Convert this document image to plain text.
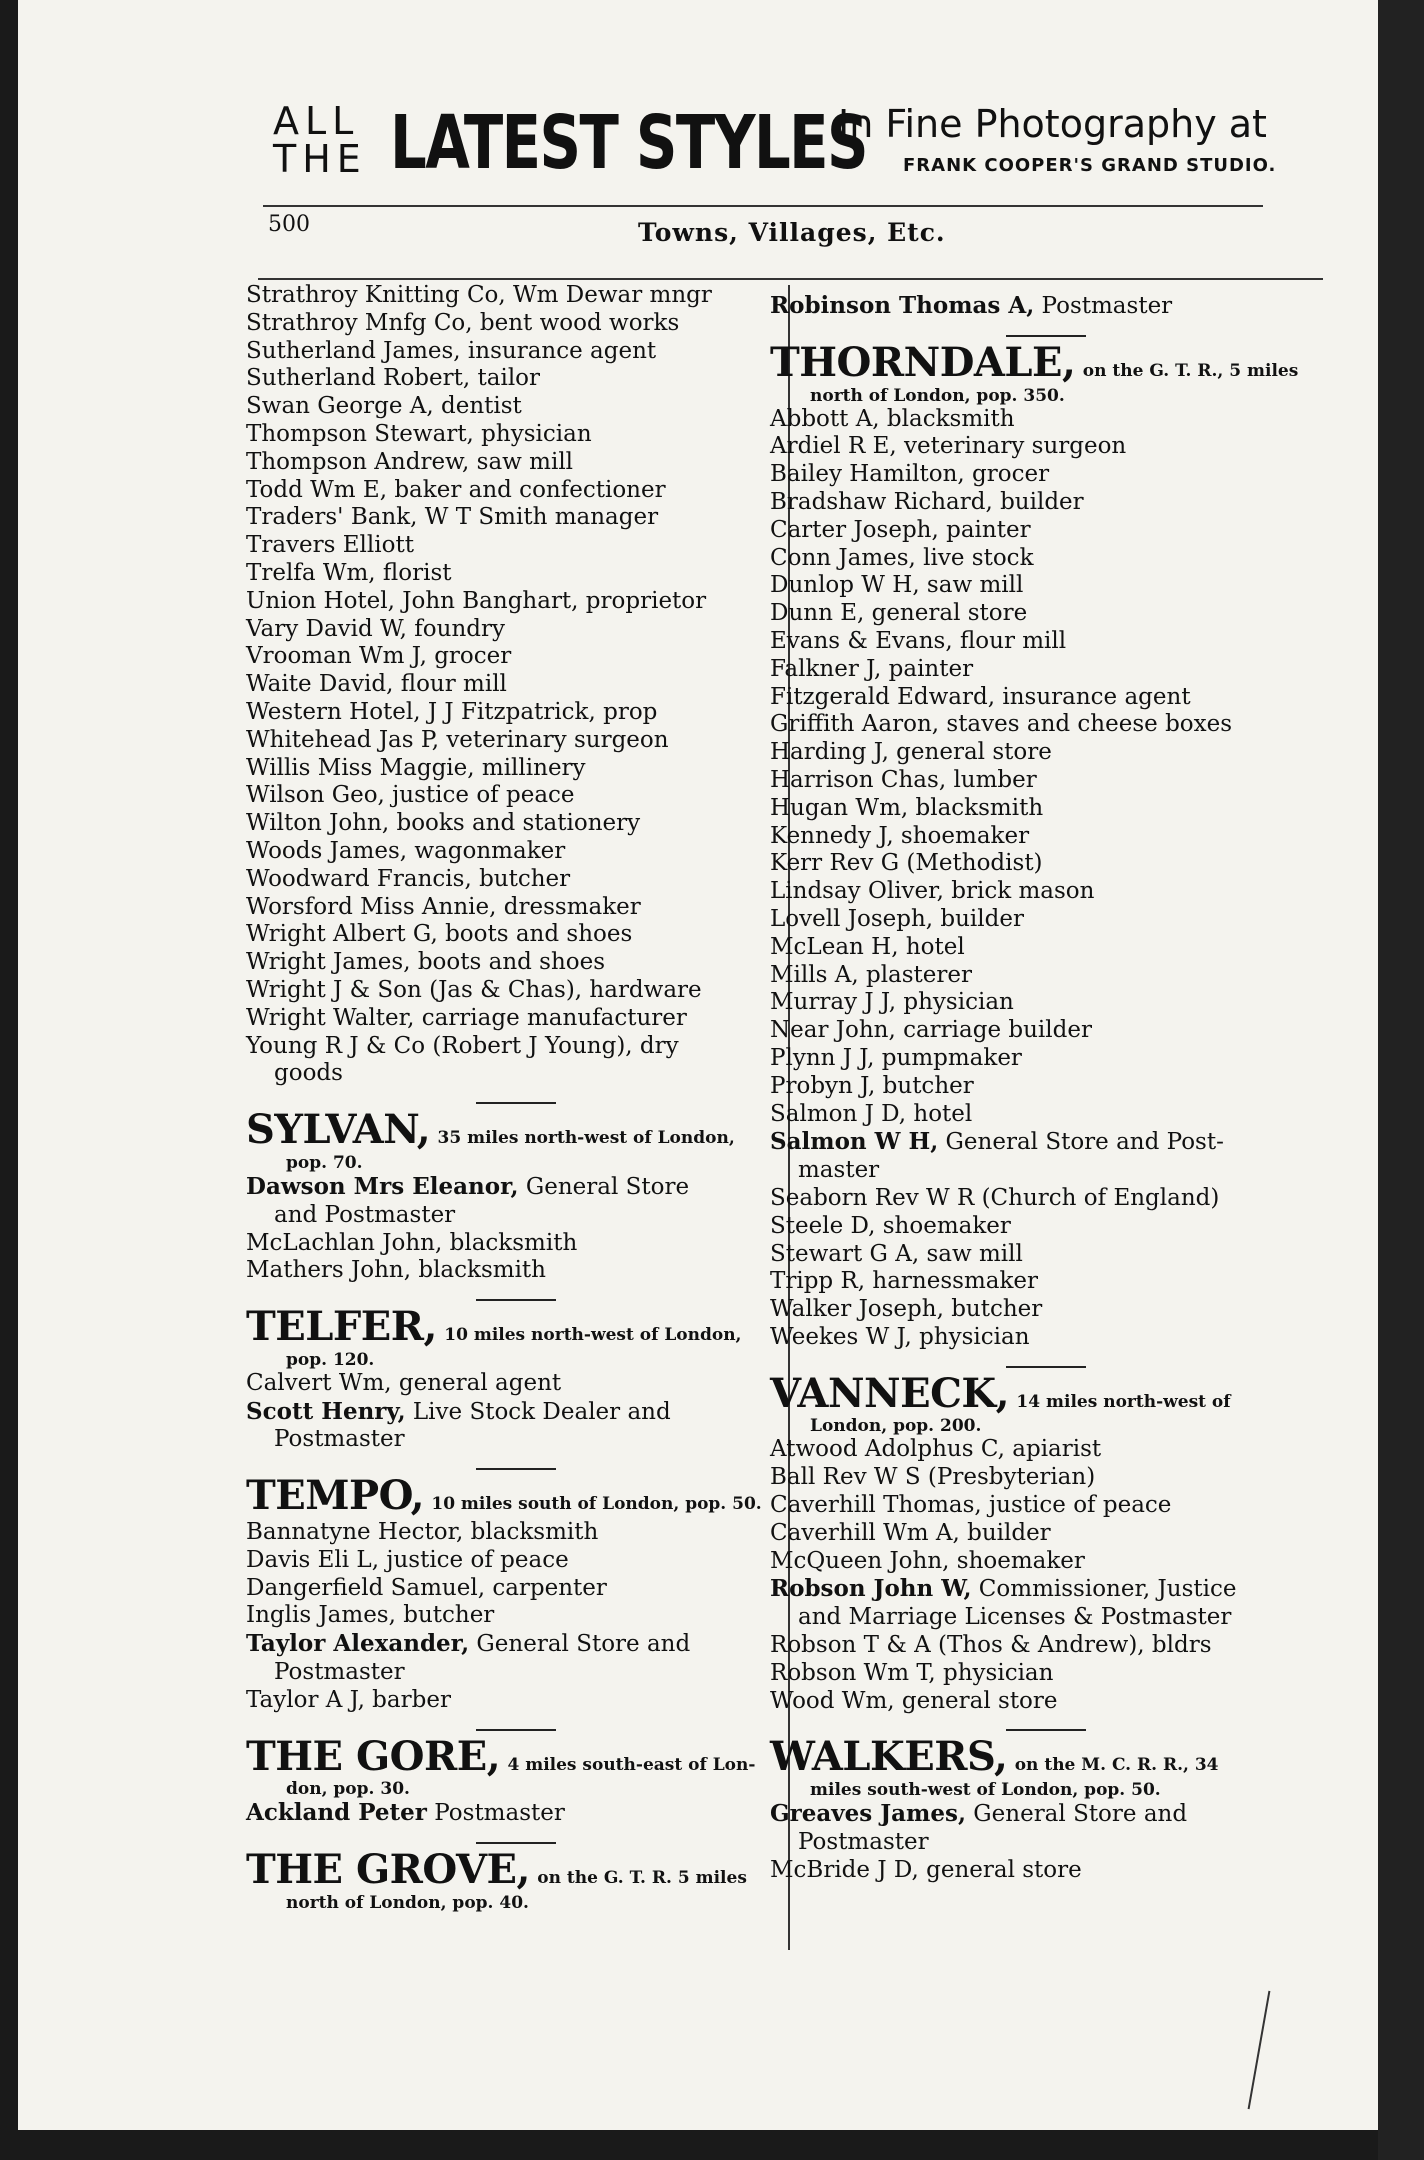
ALL
THE LATEST STYLES
In Fine Photography at
FRANK COOPER'S GRAND STUDIO.
500	Towns, Villages, Etc.
Strathroy Knitting Co, Wm Dewar mngr
Strathroy Mnfg Co, bent wood works
Sutherland James, insurance agent
Sutherland Robert, tailor
Swan George A, dentist
Thompson Stewart, physician
Thompson Andrew, saw mill
Todd Wm E, baker and confectioner
Traders' Bank, W T Smith manager
Travers Elliott
Trelfa Wm, florist
Union Hotel, John Banghart, proprietor
Vary David W, foundry
Vrooman Wm J, grocer
Waite David, flour mill
Western Hotel, J J Fitzpatrick, prop
Whitehead Jas P, veterinary surgeon
Willis Miss Maggie, millinery
Wilson Geo, justice of peace
Wilton John, books and stationery
Woods James, wagonmaker
Woodward Francis, butcher
Worsford Miss Annie, dressmaker
Wright Albert G, boots and shoes
Wright James, boots and shoes
Wright J & Son (Jas & Chas), hardware
Wright Walter, carriage manufacturer
Young R J & Co (Robert J Young), dry
goods
SYLVAN, 35 miles north-west of London,
pop. 70.
Dawson Mrs Eleanor, General Store
and Postmaster
McLachlan John, blacksmith
Mathers John, blacksmith
TELFER, 10 miles north-west of London,
pop. 120.
Calvert Wm, general agent
Scott Henry, Live Stock Dealer and
Postmaster
TEMPO, 10 miles south of London, pop. 50.
Bannatyne Hector, blacksmith
Davis Eli L, justice of peace
Dangerfield Samuel, carpenter
Inglis James, butcher
Taylor Alexander, General Store and
Postmaster
Taylor A J, barber
THE GORE, 4 miles south-east of Lon-
don, pop. 30.
Ackland Peter Postmaster
THE GROVE, on the G. T. R. 5 miles
north of London, pop. 40.
Robinson Thomas A, Postmaster
THORNDALE, on the G. T. R., 5 miles
north of London, pop. 350.
Abbott A, blacksmith
Ardiel R E, veterinary surgeon
Bailey Hamilton, grocer
Bradshaw Richard, builder
Carter Joseph, painter
Conn James, live stock
Dunlop W H, saw mill
Dunn E, general store
Evans & Evans, flour mill
Falkner J, painter
Fitzgerald Edward, insurance agent
Griffith Aaron, staves and cheese boxes
Harding J, general store
Harrison Chas, lumber
Hugan Wm, blacksmith
Kennedy J, shoemaker
Kerr Rev G (Methodist)
Lindsay Oliver, brick mason
Lovell Joseph, builder
McLean H, hotel
Mills A, plasterer
Murray J J, physician
Near John, carriage builder
Plynn J J, pumpmaker
Probyn J, butcher
Salmon J D, hotel
Salmon W H, General Store and Post-
master
Seaborn Rev W R (Church of England)
Steele D, shoemaker
Stewart G A, saw mill
Tripp R, harnessmaker
Walker Joseph, butcher
Weekes W J, physician
VANNECK, 14 miles north-west of
London, pop. 200.
Atwood Adolphus C, apiarist
Ball Rev W S (Presbyterian)
Caverhill Thomas, justice of peace
Caverhill Wm A, builder
McQueen John, shoemaker
Robson John W, Commissioner, Justice
and Marriage Licenses & Postmaster
Robson T & A (Thos & Andrew), bldrs
Robson Wm T, physician
Wood Wm, general store
WALKERS, on the M. C. R. R., 34
miles south-west of London, pop. 50.
Greaves James, General Store and
Postmaster
McBride J D, general store
